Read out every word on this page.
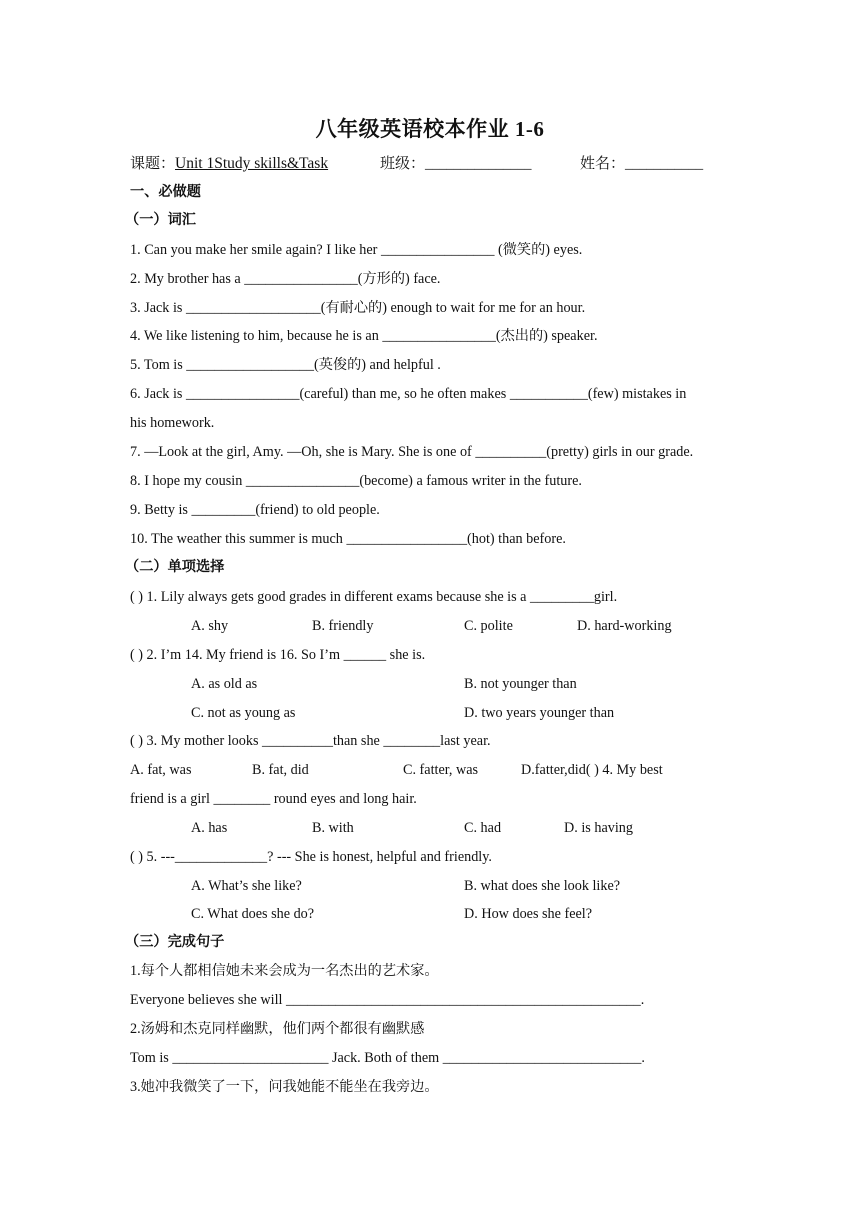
八年级英语校本作业 1-6
课题：Unit 1Study skills&Task	班级：_______________	姓名：___________
一、必做题
（一）词汇
1. Can you make her smile again? I like her ________________ (微笑的) eyes.
2. My brother has a ________________(方形的) face.
3. Jack is ___________________(有耐心的) enough to wait for me for an hour.
4. We like listening to him, because he is an ________________(杰出的) speaker.
5. Tom is __________________(英俊的) and helpful .
6. Jack is ________________(careful) than me, so he often makes ___________(few) mistakes in
his homework.
7. —Look at the girl, Amy. —Oh, she is Mary. She is one of __________(pretty) girls in our grade.
8. I hope my cousin ________________(become) a famous writer in the future.
9. Betty is _________(friend) to old people.
10. The weather this summer is much _________________(hot) than before.
（二）单项选择
( ) 1. Lily always gets good grades in different exams because she is a _________girl.
A. shy	B. friendly	C. polite	D. hard-working
( ) 2. I’m 14. My friend is 16. So I’m ______ she is.
A. as old as	B. not younger than
C. not as young as	D. two years younger than
( ) 3. My mother looks __________than she ________last year.
A. fat, was	B. fat, did	C. fatter, was	D.fatter,did( ) 4. My best
friend is a girl ________ round eyes and long hair.
A. has	B. with	C. had	D. is having
( ) 5. ---_____________? --- She is honest, helpful and friendly.
A. What’s she like?	B. what does she look like?
C. What does she do?	D. How does she feel?
（三）完成句子
1.每个人都相信她未来会成为一名杰出的艺术家。
Everyone believes she will __________________________________________________.
2.汤姆和杰克同样幽默，他们两个都很有幽默感
Tom is ______________________ Jack. Both of them ____________________________.
3.她冲我微笑了一下，问我她能不能坐在我旁边。
